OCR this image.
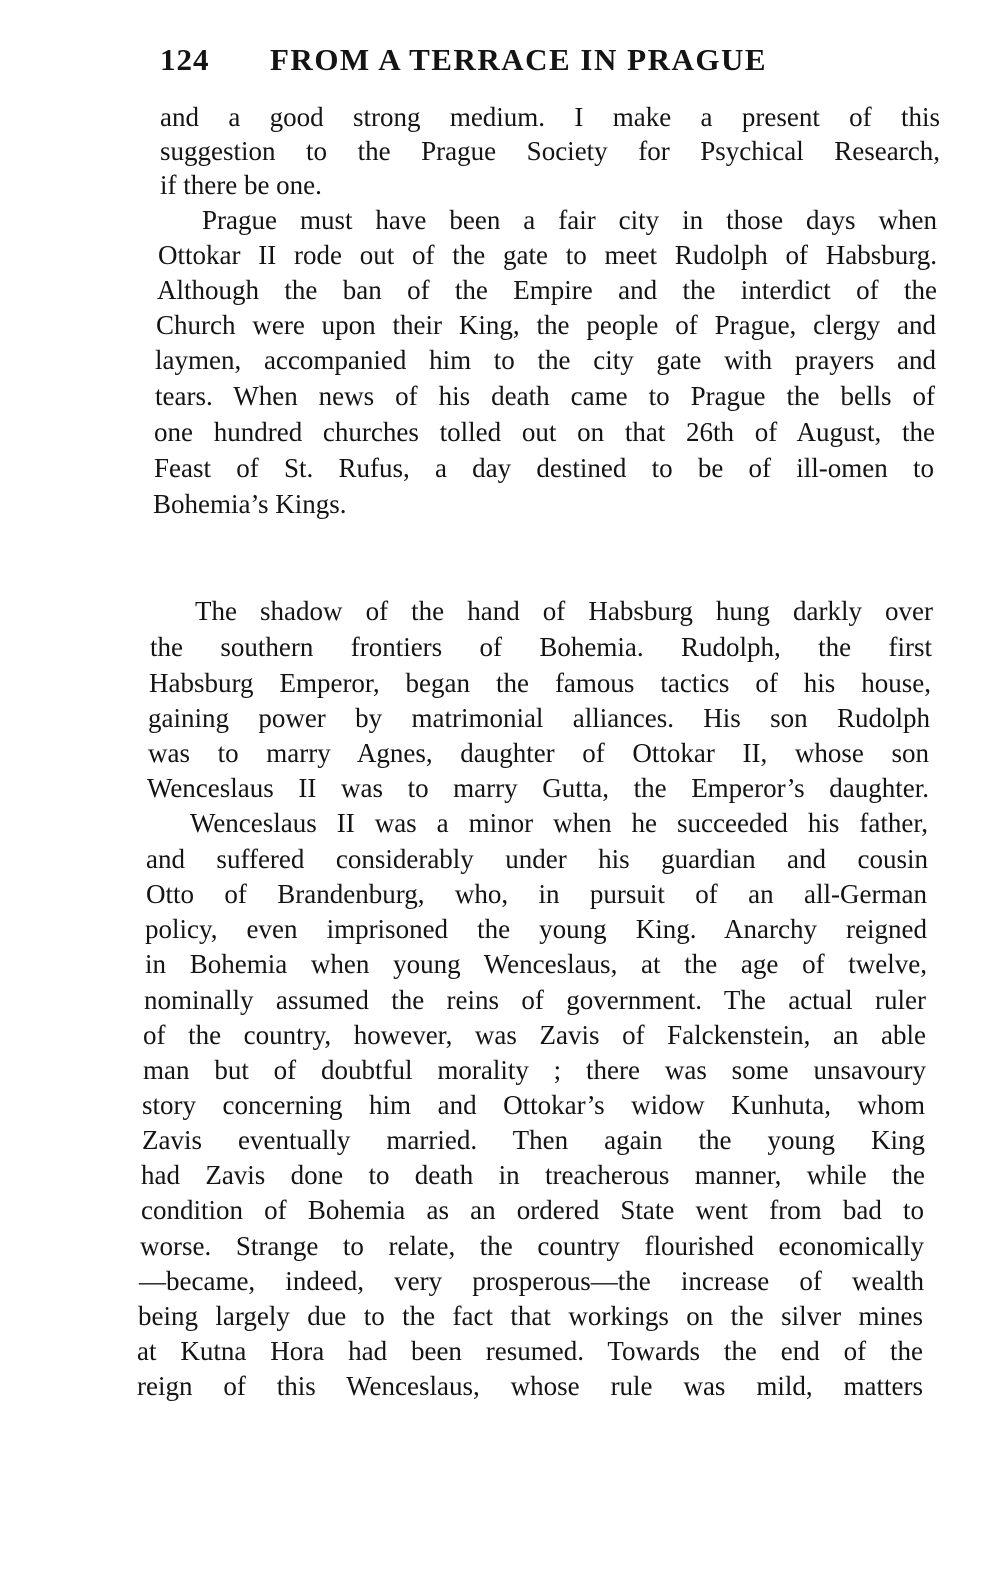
124 FROM A TERRACE IN PRAGUE
and a good strong medium. I make a present of this
suggestion to the Prague Society for Psychical Research,
if there be one.
Prague must have been a fair city in those days when
Ottokar II rode out of the gate to meet Rudolph of Habsburg.
Although the ban of the Empire and the interdict of the
Church were upon their King, the people of Prague, clergy and
laymen, accompanied him to the city gate with prayers and
tears. When news of his death came to Prague the bells of
one hundred churches tolled out on that 26th of August, the
Feast of St. Rufus, a day destined to be of ill-omen to
Bohemia’s Kings.
The shadow of the hand of Habsburg hung darkly over
the southern frontiers of Bohemia. Rudolph, the first
Habsburg Emperor, began the famous tactics of his house,
gaining power by matrimonial alliances. His son Rudolph
was to marry Agnes, daughter of Ottokar II, whose son
Wenceslaus II was to marry Gutta, the Emperor’s daughter.
Wenceslaus II was a minor when he succeeded his father,
and suffered considerably under his guardian and cousin
Otto of Brandenburg, who, in pursuit of an all-German
policy, even imprisoned the young King. Anarchy reigned
in Bohemia when young Wenceslaus, at the age of twelve,
nominally assumed the reins of government. The actual ruler
of the country, however, was Zavis of Falckenstein, an able
man but of doubtful morality ; there was some unsavoury
story concerning him and Ottokar’s widow Kunhuta, whom
Zavis eventually married. Then again the young King
had Zavis done to death in treacherous manner, while the
condition of Bohemia as an ordered State went from bad to
worse. Strange to relate, the country flourished economically
—became, indeed, very prosperous—the increase of wealth
being largely due to the fact that workings on the silver mines
at Kutna Hora had been resumed. Towards the end of the
reign of this Wenceslaus, whose rule was mild, matters
